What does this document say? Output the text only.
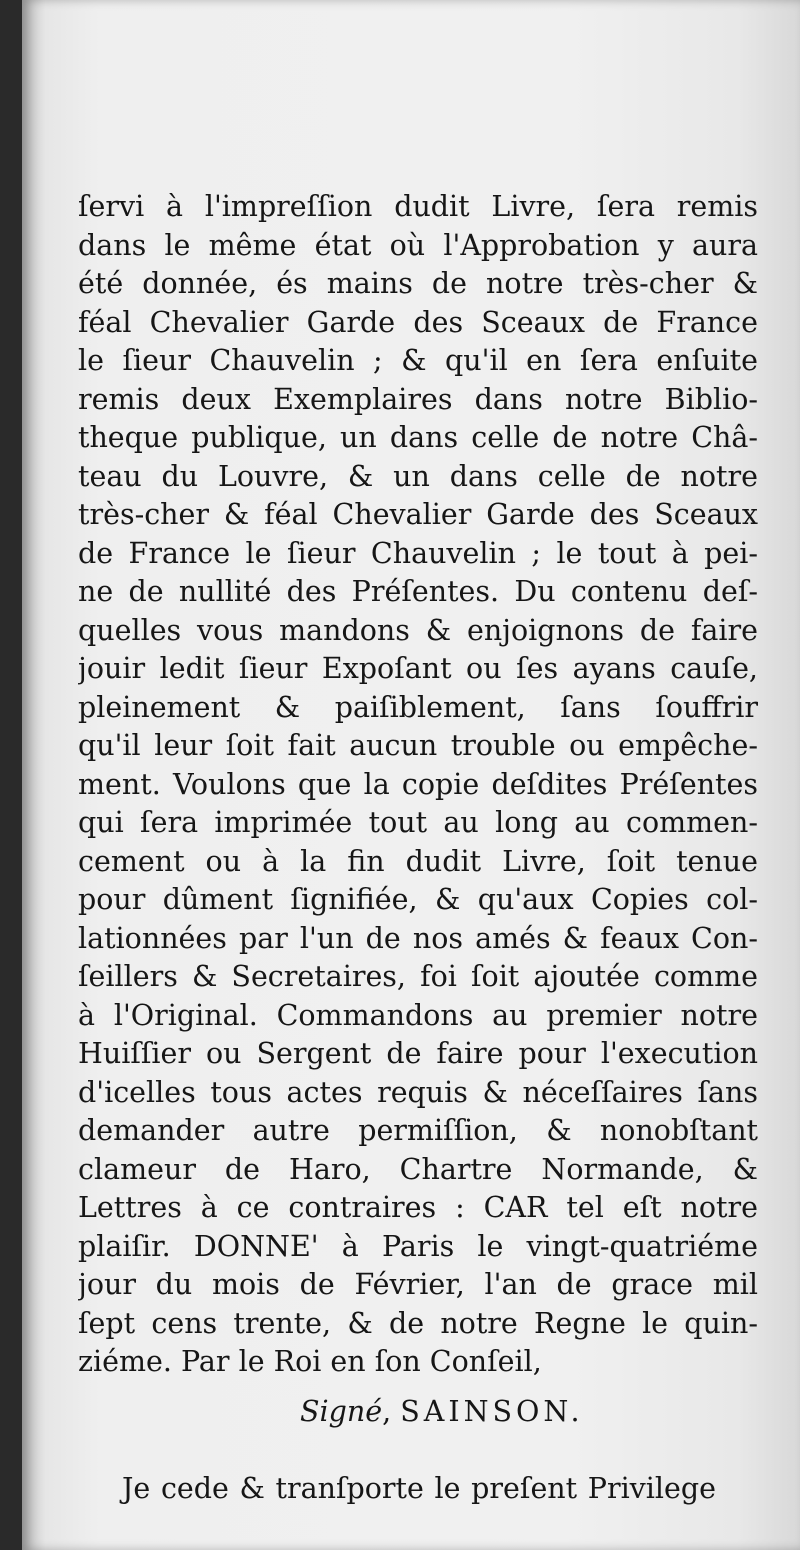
ſervi à l'impreſſion dudit Livre, ſera remis
dans le même état où l'Approbation y aura
été donnée, és mains de notre très-cher &
féal Chevalier Garde des Sceaux de France
le ſieur Chauvelin ; & qu'il en ſera enſuite
remis deux Exemplaires dans notre Biblio-
theque publique, un dans celle de notre Châ-
teau du Louvre, & un dans celle de notre
très-cher & féal Chevalier Garde des Sceaux
de France le ſieur Chauvelin ; le tout à pei-
ne de nullité des Préſentes. Du contenu deſ-
quelles vous mandons & enjoignons de faire
jouir ledit ſieur Expoſant ou ſes ayans cauſe,
pleinement & paiſiblement, ſans ſouffrir
qu'il leur ſoit fait aucun trouble ou empêche-
ment. Voulons que la copie deſdites Préſentes
qui ſera imprimée tout au long au commen-
cement ou à la fin dudit Livre, ſoit tenue
pour dûment ſignifiée, & qu'aux Copies col-
lationnées par l'un de nos amés & feaux Con-
ſeillers & Secretaires, foi ſoit ajoutée comme
à l'Original. Commandons au premier notre
Huiſſier ou Sergent de faire pour l'execution
d'icelles tous actes requis & néceſſaires ſans
demander autre permiſſion, & nonobſtant
clameur de Haro, Chartre Normande, &
Lettres à ce contraires : CAR tel eſt notre
plaiſir. DONNE' à Paris le vingt-quatriéme
jour du mois de Février, l'an de grace mil
ſept cens trente, & de notre Regne le quin-
ziéme. Par le Roi en ſon Conſeil,
Signé, SAINSON.
Je cede & tranſporte le preſent Privilege
